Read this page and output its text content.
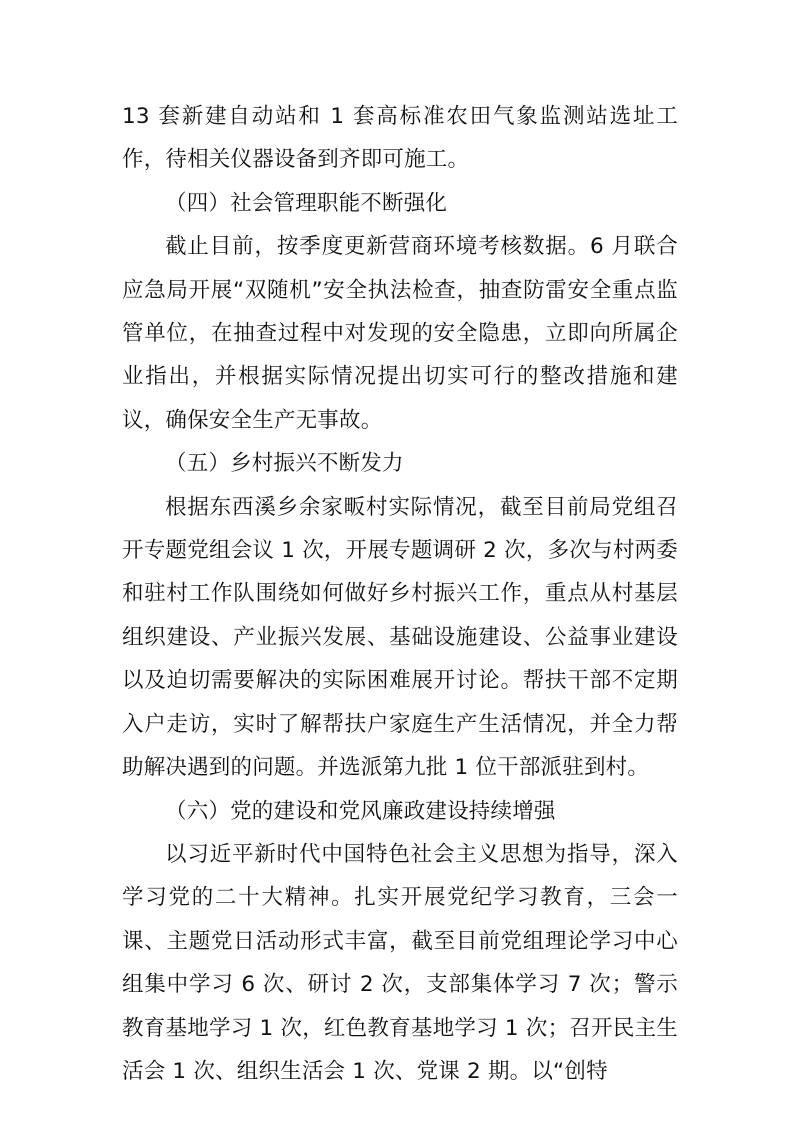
13 套新建自动站和 1 套高标准农田气象监测站选址工作，待相关仪器设备到齐即可施工。

（四）社会管理职能不断强化

截止目前，按季度更新营商环境考核数据。6 月联合应急局开展“双随机”安全执法检查，抽查防雷安全重点监管单位，在抽查过程中对发现的安全隐患，立即向所属企业指出，并根据实际情况提出切实可行的整改措施和建议，确保安全生产无事故。

（五）乡村振兴不断发力

根据东西溪乡余家畈村实际情况，截至目前局党组召开专题党组会议 1 次，开展专题调研 2 次，多次与村两委和驻村工作队围绕如何做好乡村振兴工作，重点从村基层组织建设、产业振兴发展、基础设施建设、公益事业建设以及迫切需要解决的实际困难展开讨论。帮扶干部不定期入户走访，实时了解帮扶户家庭生产生活情况，并全力帮助解决遇到的问题。并选派第九批 1 位干部派驻到村。

（六）党的建设和党风廉政建设持续增强

以习近平新时代中国特色社会主义思想为指导，深入学习党的二十大精神。扎实开展党纪学习教育，三会一课、主题党日活动形式丰富，截至目前党组理论学习中心组集中学习 6 次、研讨 2 次，支部集体学习 7 次；警示教育基地学习 1 次，红色教育基地学习 1 次；召开民主生活会 1 次、组织生活会 1 次、党课 2 期。以“创特
